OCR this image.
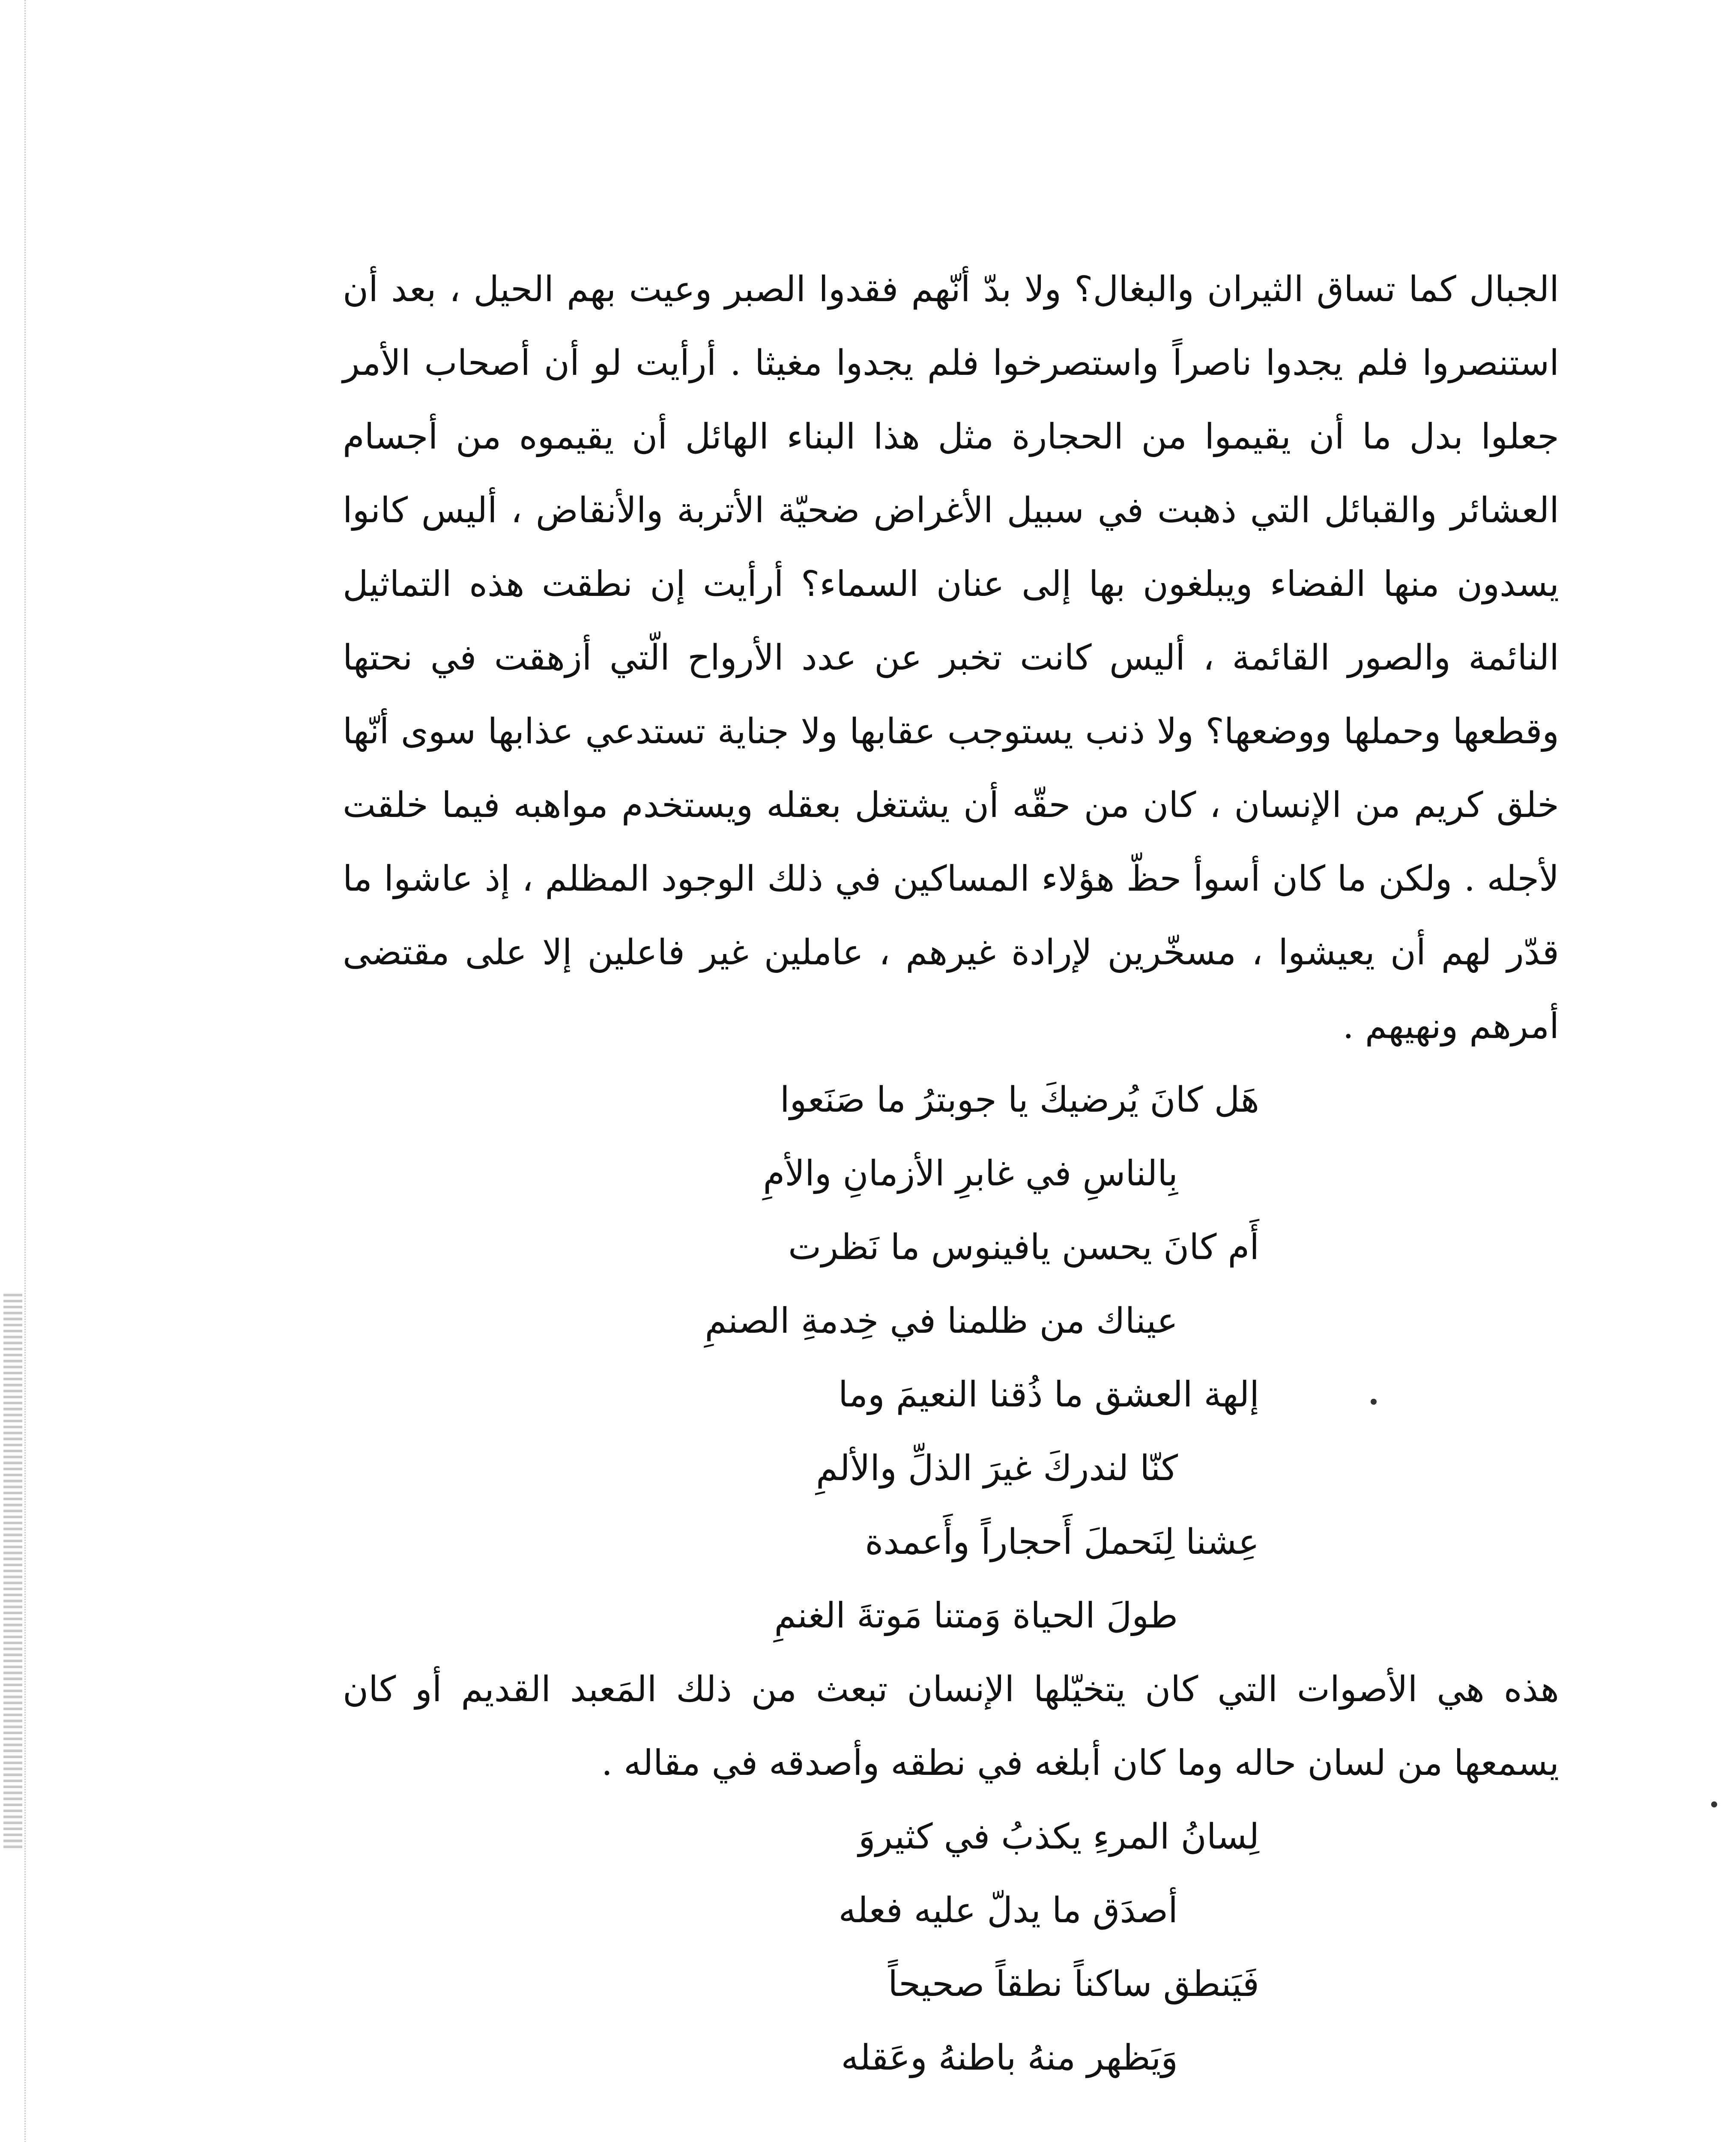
الجبال كما تساق الثيران والبغال؟ ولا بدّ أنّهم فقدوا الصبر وعيت بهم الحيل ، بعد أن استنصروا فلم يجدوا ناصراً واستصرخوا فلم يجدوا مغيثا . أرأيت لو أن أصحاب الأمر جعلوا بدل ما أن يقيموا من الحجارة مثل هذا البناء الهائل أن يقيموه من أجسام العشائر والقبائل التي ذهبت في سبيل الأغراض ضحيّة الأتربة والأنقاض ، أليس كانوا يسدون منها الفضاء ويبلغون بها إلى عنان السماء؟ أرأيت إن نطقت هذه التماثيل النائمة والصور القائمة ، أليس كانت تخبر عن عدد الأرواح الّتي أزهقت في نحتها وقطعها وحملها ووضعها؟ ولا ذنب يستوجب عقابها ولا جناية تستدعي عذابها سوى أنّها خلق كريم من الإنسان ، كان من حقّه أن يشتغل بعقله ويستخدم مواهبه فيما خلقت لأجله . ولكن ما كان أسوأ حظّ هؤلاء المساكين في ذلك الوجود المظلم ، إذ عاشوا ما قدّر لهم أن يعيشوا ، مسخّرين لإرادة غيرهم ، عاملين غير فاعلين إلا على مقتضى أمرهم ونهيهم .

هَل كانَ يُرضيكَ يا جوبترُ ما صَنَعوا
بِالناسِ في غابرِ الأزمانِ والأمِ
أَم كانَ يحسن يافينوس ما نَظرت
عيناك من ظلمنا في خِدمةِ الصنمِ
إلهة العشق ما ذُقنا النعيمَ وما
كنّا لندركَ غيرَ الذلِّ والألمِ
عِشنا لِنَحملَ أَحجاراً وأَعمدة
طولَ الحياة وَمتنا مَوتةَ الغنمِ

هذه هي الأصوات التي كان يتخيّلها الإنسان تبعث من ذلك المَعبد القديم أو كان يسمعها من لسان حاله وما كان أبلغه في نطقه وأصدقه في مقاله .

لِسانُ المرءِ يكذبُ في كثيروَ
أصدَق ما يدلّ عليه فعله
فَيَنطق ساكناً نطقاً صحيحاً
وَيَظهر منهُ باطنهُ وعَقله
